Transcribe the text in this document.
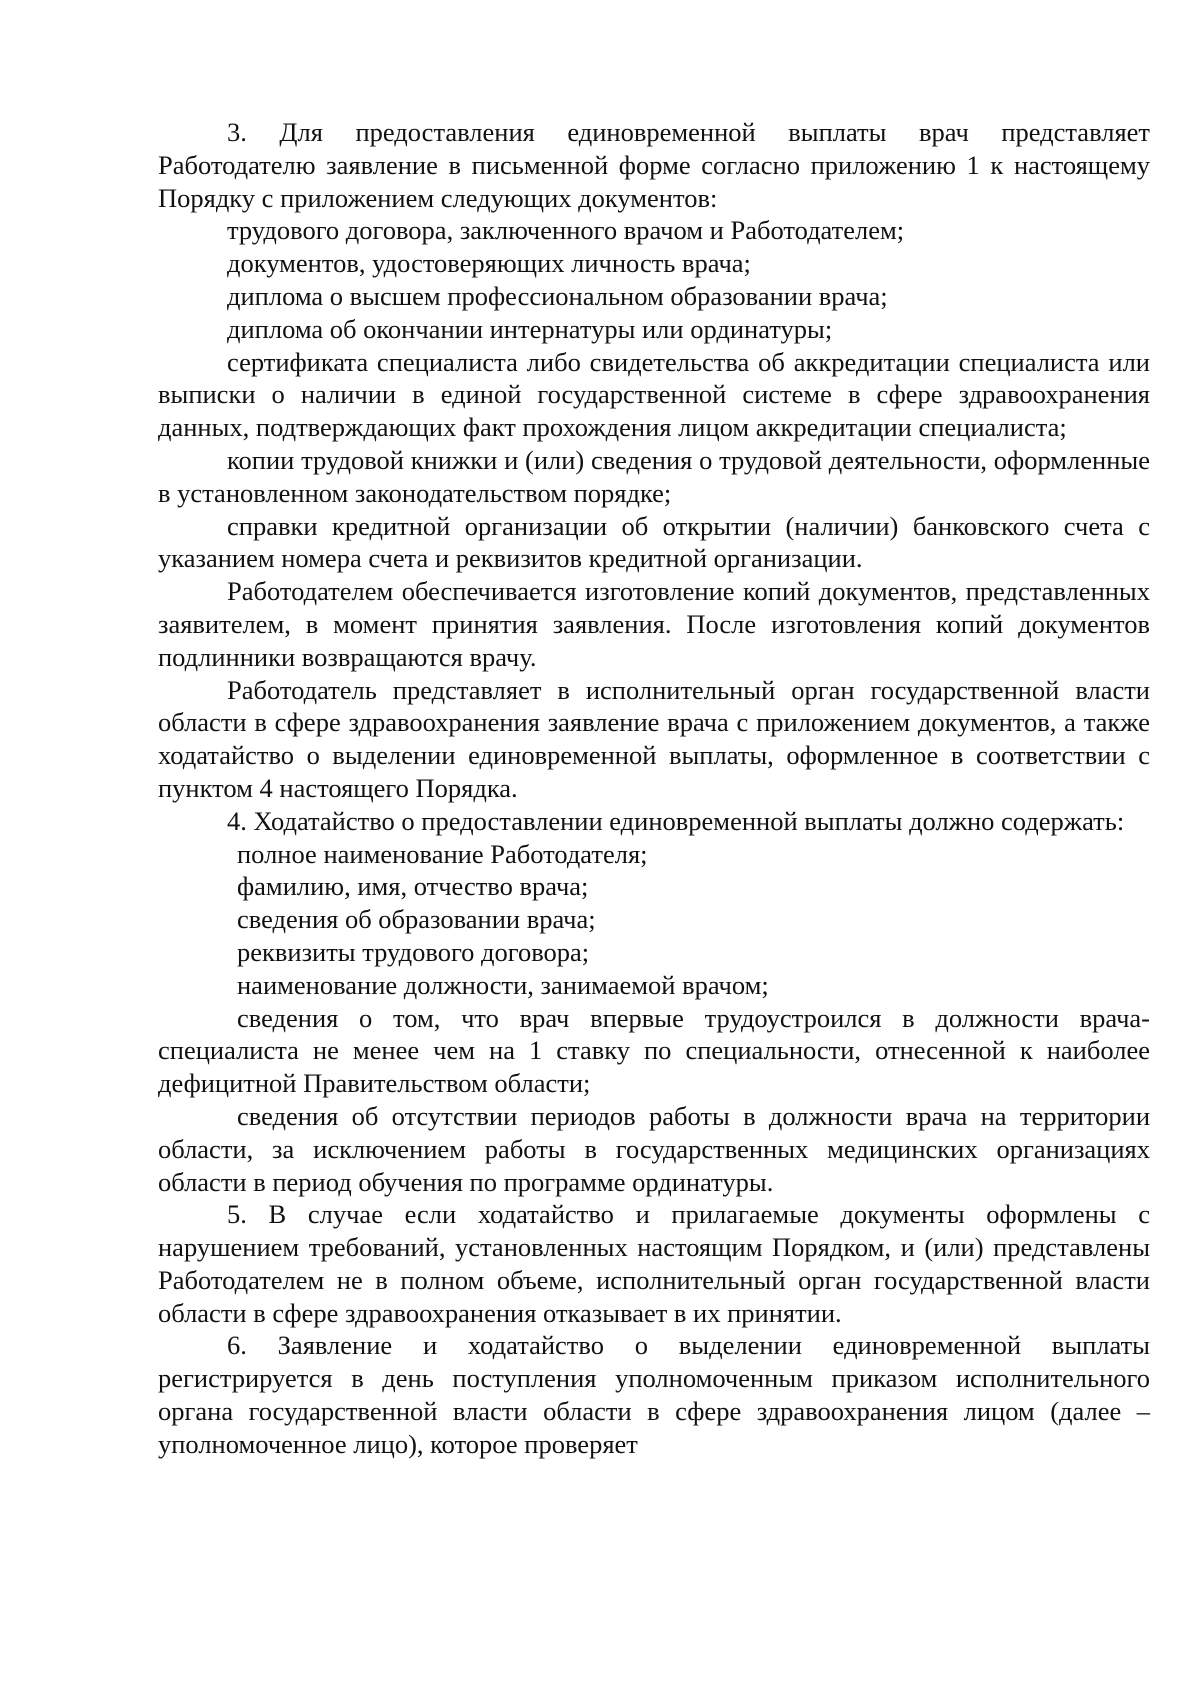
3. Для предоставления единовременной выплаты врач представляет Работодателю заявление в письменной форме согласно приложению 1 к настоящему Порядку с приложением следующих документов:

трудового договора, заключенного врачом и Работодателем;

документов, удостоверяющих личность врача;

диплома о высшем профессиональном образовании врача;

диплома об окончании интернатуры или ординатуры;

сертификата специалиста либо свидетельства об аккредитации специалиста или выписки о наличии в единой государственной системе в сфере здравоохранения данных, подтверждающих факт прохождения лицом аккредитации специалиста;

копии трудовой книжки и (или) сведения о трудовой деятельности, оформленные в установленном законодательством порядке;

справки кредитной организации об открытии (наличии) банковского счета с указанием номера счета и реквизитов кредитной организации.

Работодателем обеспечивается изготовление копий документов, представленных заявителем, в момент принятия заявления. После изготовления копий документов подлинники возвращаются врачу.

Работодатель представляет в исполнительный орган государственной власти области в сфере здравоохранения заявление врача с приложением документов, а также ходатайство о выделении единовременной выплаты, оформленное в соответствии с пунктом 4 настоящего Порядка.

4. Ходатайство о предоставлении единовременной выплаты должно содержать:

полное наименование Работодателя;

фамилию, имя, отчество врача;

сведения об образовании врача;

реквизиты трудового договора;

наименование должности, занимаемой врачом;

сведения о том, что врач впервые трудоустроился в должности врача-специалиста не менее чем на 1 ставку по специальности, отнесенной к наиболее дефицитной Правительством области;

сведения об отсутствии периодов работы в должности врача на территории области, за исключением работы в государственных медицинских организациях области в период обучения по программе ординатуры.

5. В случае если ходатайство и прилагаемые документы оформлены с нарушением требований, установленных настоящим Порядком, и (или) представлены Работодателем не в полном объеме, исполнительный орган государственной власти области в сфере здравоохранения отказывает в их принятии.

6. Заявление и ходатайство о выделении единовременной выплаты регистрируется в день поступления уполномоченным приказом исполнительного органа государственной власти области в сфере здравоохранения лицом (далее – уполномоченное лицо), которое проверяет
